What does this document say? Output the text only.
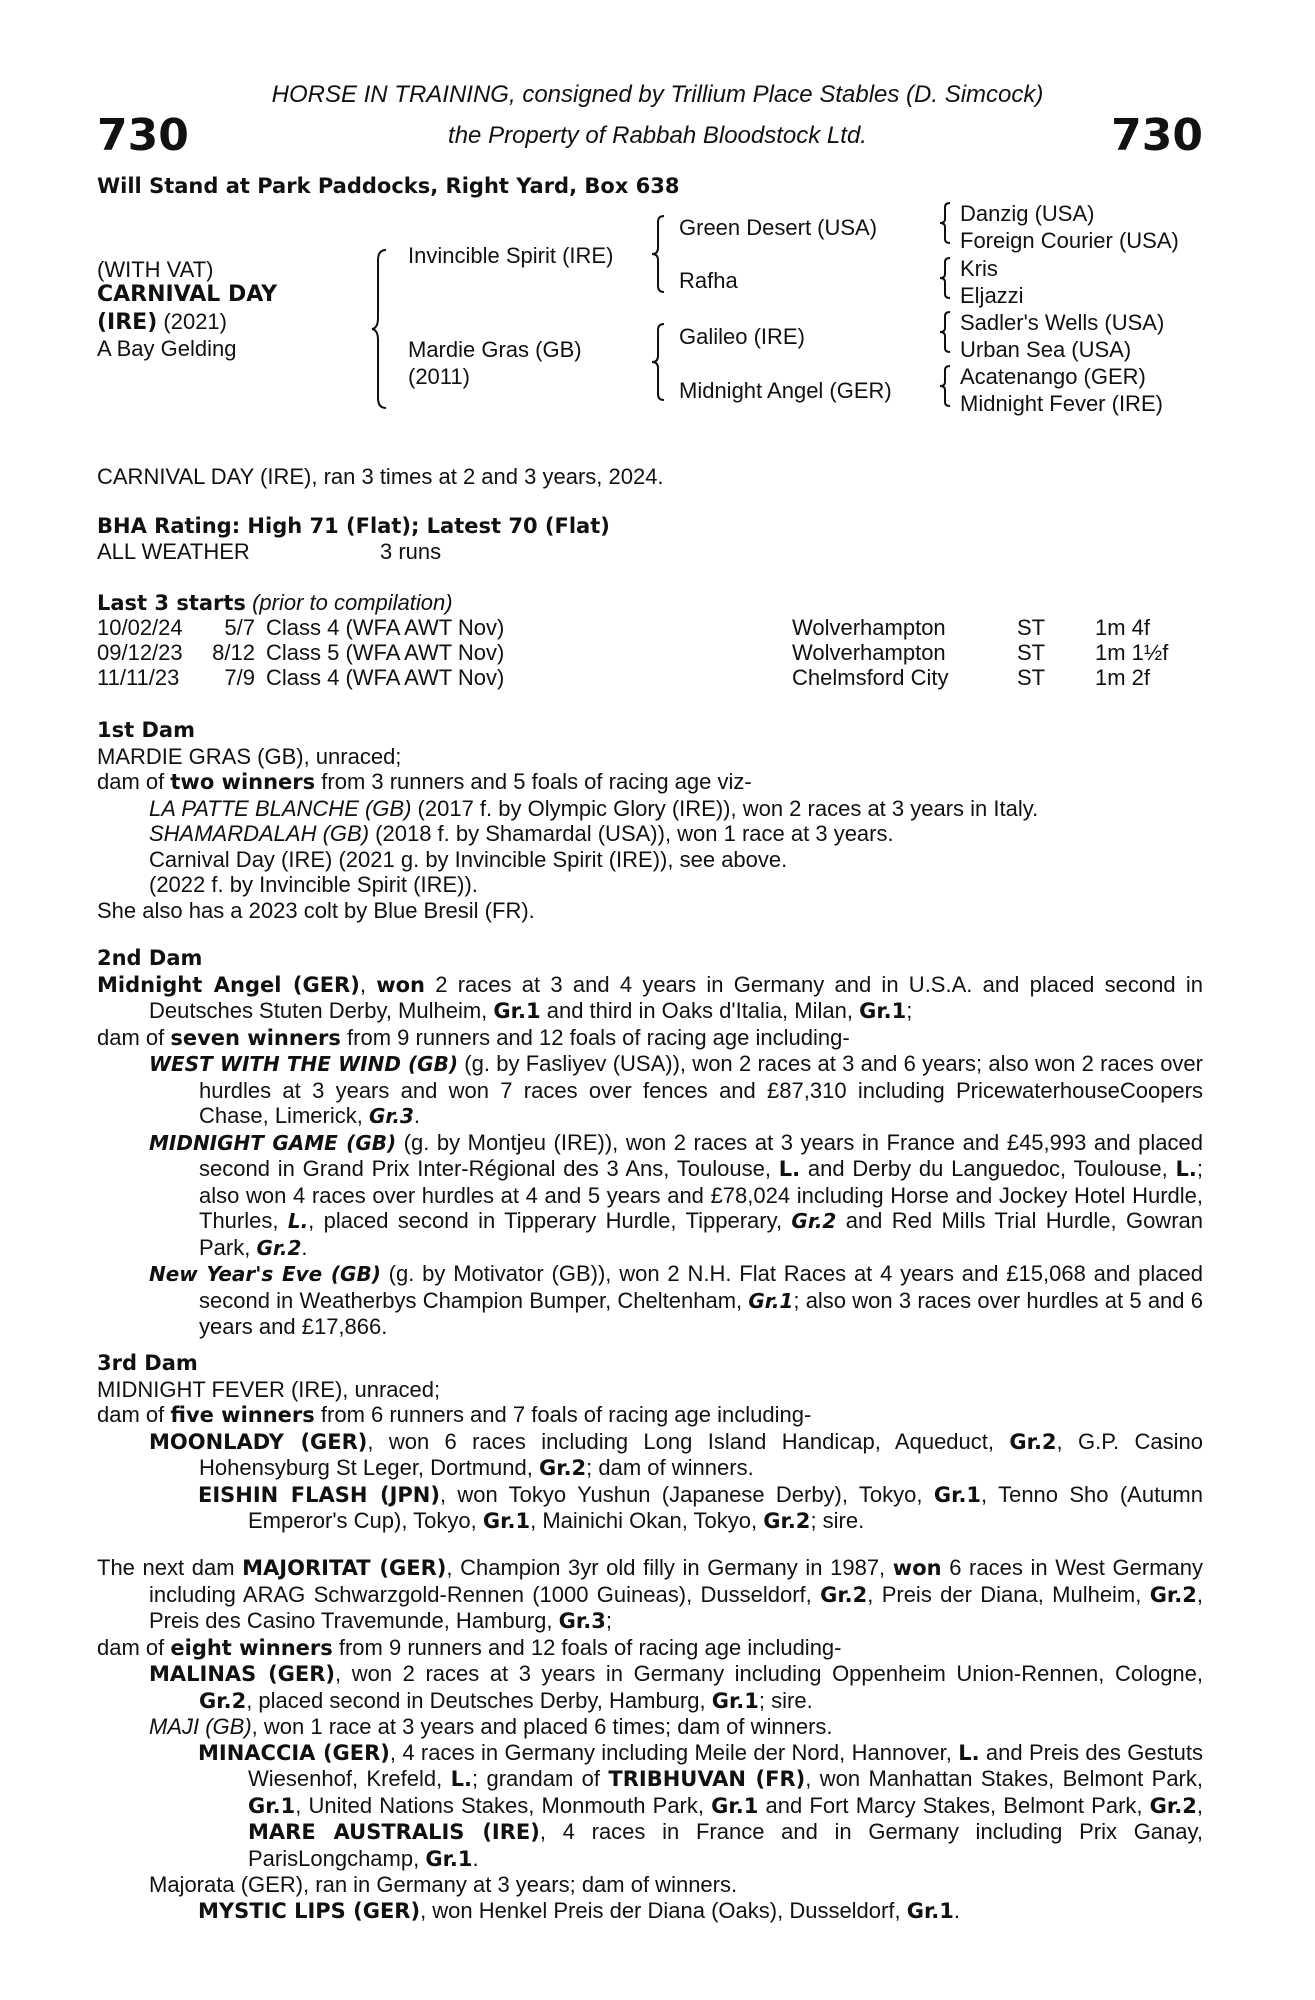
730	730
HORSE IN TRAINING, consigned by Trillium Place Stables (D. Simcock)
the Property of Rabbah Bloodstock Ltd.
Will Stand at Park Paddocks, Right Yard, Box 638
(WITH VAT)
CARNIVAL DAY
(IRE) (2021)
A Bay Gelding
Invincible Spirit (IRE)
Mardie Gras (GB)
(2011)
Green Desert (USA)
Rafha
Galileo (IRE)
Midnight Angel (GER)
Danzig (USA)
Foreign Courier (USA)
Kris
Eljazzi
Sadler's Wells (USA)
Urban Sea (USA)
Acatenango (GER)
Midnight Fever (IRE)
CARNIVAL DAY (IRE), ran 3 times at 2 and 3 years, 2024.
BHA Rating: High 71 (Flat); Latest 70 (Flat)
ALL WEATHER	3 runs
Last 3 starts (prior to compilation)
10/02/24	5/7	Class 4 (WFA AWT Nov)	Wolverhampton	ST	1m 4f
09/12/23	8/12	Class 5 (WFA AWT Nov)	Wolverhampton	ST	1m 1½f
11/11/23	7/9	Class 4 (WFA AWT Nov)	Chelmsford City	ST	1m 2f

1st Dam

MARDIE GRAS (GB), unraced;

dam of two winners from 3 runners and 5 foals of racing age viz-

LA PATTE BLANCHE (GB) (2017 f. by Olympic Glory (IRE)), won 2 races at 3 years in Italy.

SHAMARDALAH (GB) (2018 f. by Shamardal (USA)), won 1 race at 3 years.

Carnival Day (IRE) (2021 g. by Invincible Spirit (IRE)), see above.

(2022 f. by Invincible Spirit (IRE)).

She also has a 2023 colt by Blue Bresil (FR).

2nd Dam

Midnight Angel (GER), won 2 races at 3 and 4 years in Germany and in U.S.A. and placed second in Deutsches Stuten Derby, Mulheim, Gr.1 and third in Oaks d'Italia, Milan, Gr.1;

dam of seven winners from 9 runners and 12 foals of racing age including-

WEST WITH THE WIND (GB) (g. by Fasliyev (USA)), won 2 races at 3 and 6 years; also won 2 races over hurdles at 3 years and won 7 races over fences and £87,310 including PricewaterhouseCoopers Chase, Limerick, Gr.3.

MIDNIGHT GAME (GB) (g. by Montjeu (IRE)), won 2 races at 3 years in France and £45,993 and placed second in Grand Prix Inter-Régional des 3 Ans, Toulouse, L. and Derby du Languedoc, Toulouse, L.; also won 4 races over hurdles at 4 and 5 years and £78,024 including Horse and Jockey Hotel Hurdle, Thurles, L., placed second in Tipperary Hurdle, Tipperary, Gr.2 and Red Mills Trial Hurdle, Gowran Park, Gr.2.

New Year's Eve (GB) (g. by Motivator (GB)), won 2 N.H. Flat Races at 4 years and £15,068 and placed second in Weatherbys Champion Bumper, Cheltenham, Gr.1; also won 3 races over hurdles at 5 and 6 years and £17,866.

3rd Dam

MIDNIGHT FEVER (IRE), unraced;

dam of five winners from 6 runners and 7 foals of racing age including-

MOONLADY (GER), won 6 races including Long Island Handicap, Aqueduct, Gr.2, G.P. Casino Hohensyburg St Leger, Dortmund, Gr.2; dam of winners.

EISHIN FLASH (JPN), won Tokyo Yushun (Japanese Derby), Tokyo, Gr.1, Tenno Sho (Autumn Emperor's Cup), Tokyo, Gr.1, Mainichi Okan, Tokyo, Gr.2; sire.

The next dam MAJORITAT (GER), Champion 3yr old filly in Germany in 1987, won 6 races in West Germany including ARAG Schwarzgold-Rennen (1000 Guineas), Dusseldorf, Gr.2, Preis der Diana, Mulheim, Gr.2, Preis des Casino Travemunde, Hamburg, Gr.3;

dam of eight winners from 9 runners and 12 foals of racing age including-

MALINAS (GER), won 2 races at 3 years in Germany including Oppenheim Union-Rennen, Cologne, Gr.2, placed second in Deutsches Derby, Hamburg, Gr.1; sire.

MAJI (GB), won 1 race at 3 years and placed 6 times; dam of winners.

MINACCIA (GER), 4 races in Germany including Meile der Nord, Hannover, L. and Preis des Gestuts Wiesenhof, Krefeld, L.; grandam of TRIBHUVAN (FR), won Manhattan Stakes, Belmont Park, Gr.1, United Nations Stakes, Monmouth Park, Gr.1 and Fort Marcy Stakes, Belmont Park, Gr.2, MARE AUSTRALIS (IRE), 4 races in France and in Germany including Prix Ganay, ParisLongchamp, Gr.1.

Majorata (GER), ran in Germany at 3 years; dam of winners.

MYSTIC LIPS (GER), won Henkel Preis der Diana (Oaks), Dusseldorf, Gr.1.
